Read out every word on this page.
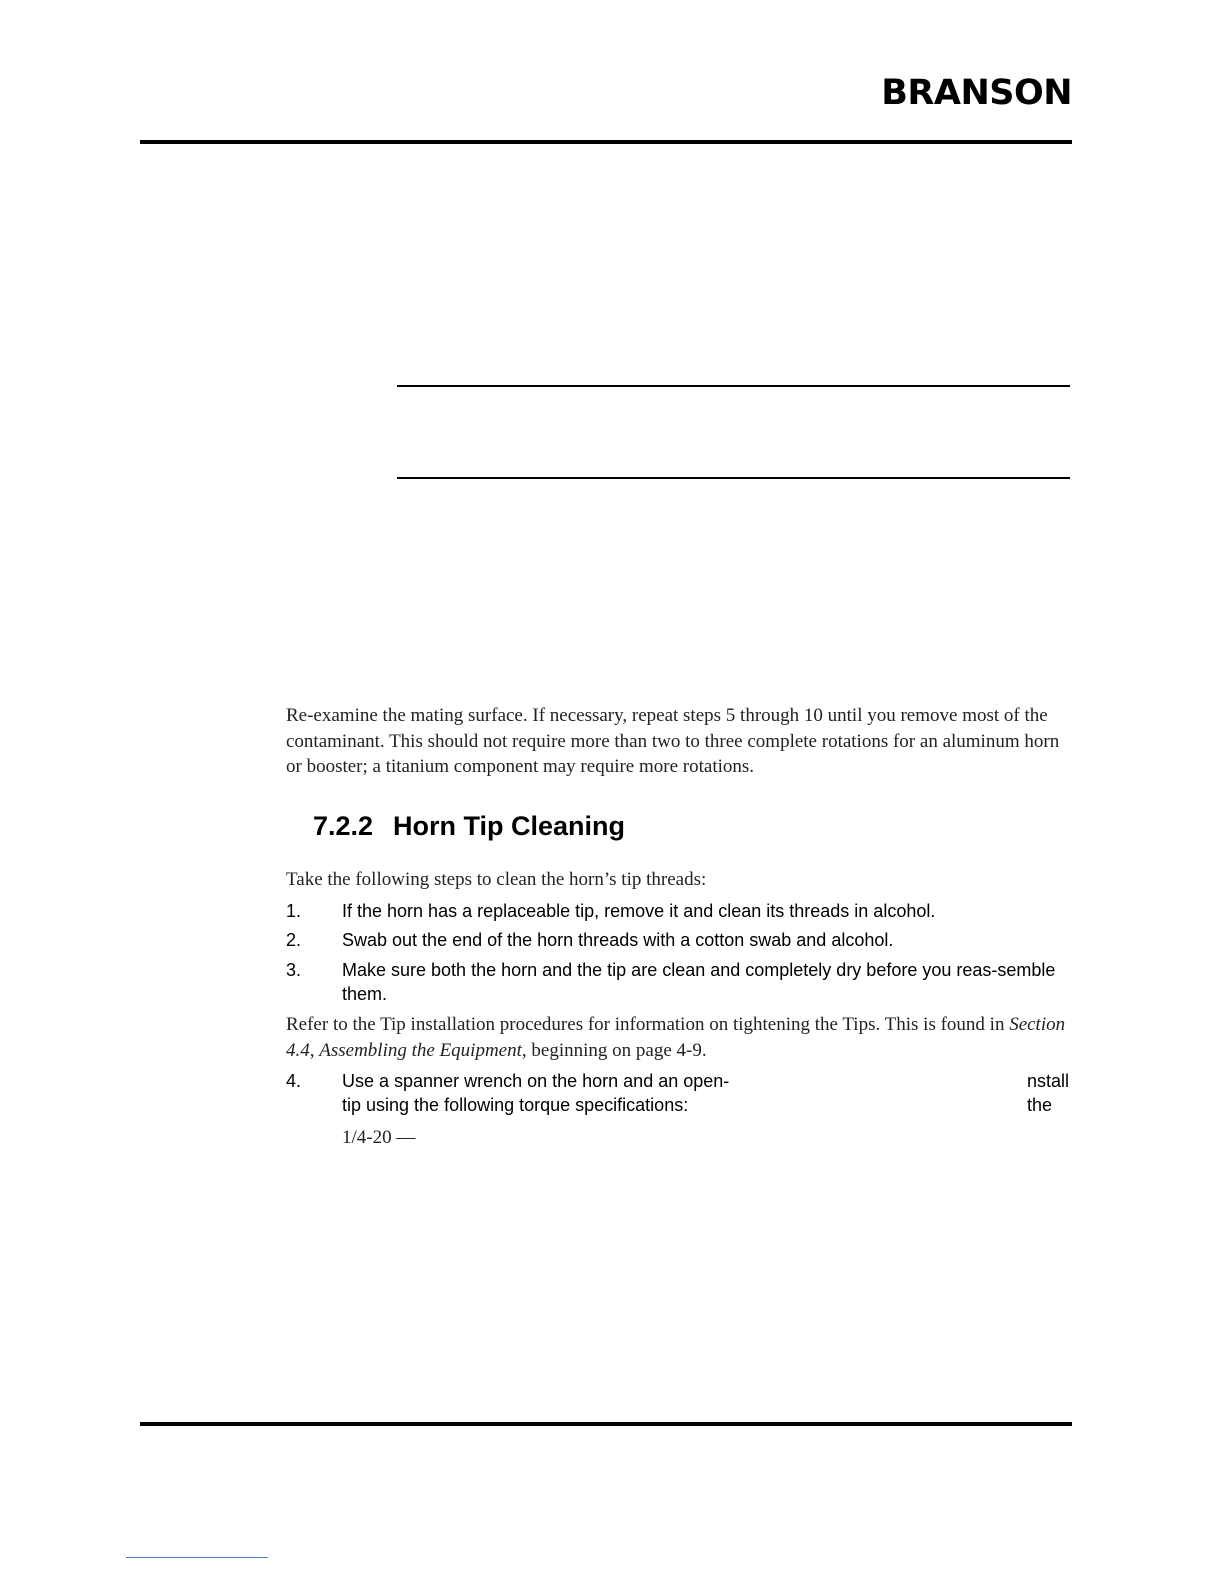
BRANSON
Re-examine the mating surface. If necessary, repeat steps 5 through 10 until you remove most of the contaminant. This should not require more than two to three complete rotations for an aluminum horn or booster; a titanium component may require more rotations.
7.2.2 Horn Tip Cleaning
Take the following steps to clean the horn’s tip threads:
1.	If the horn has a replaceable tip, remove it and clean its threads in alcohol.
2.	Swab out the end of the horn threads with a cotton swab and alcohol.
3.	Make sure both the horn and the tip are clean and completely dry before you reas-semble them.
Refer to the Tip installation procedures for information on tightening the Tips. This is found in Section 4.4, Assembling the Equipment, beginning on page 4-9.
4.	Use a spanner wrench on the horn and an open-	nstall the

tip using the following torque specifications:
1/4-20 —
